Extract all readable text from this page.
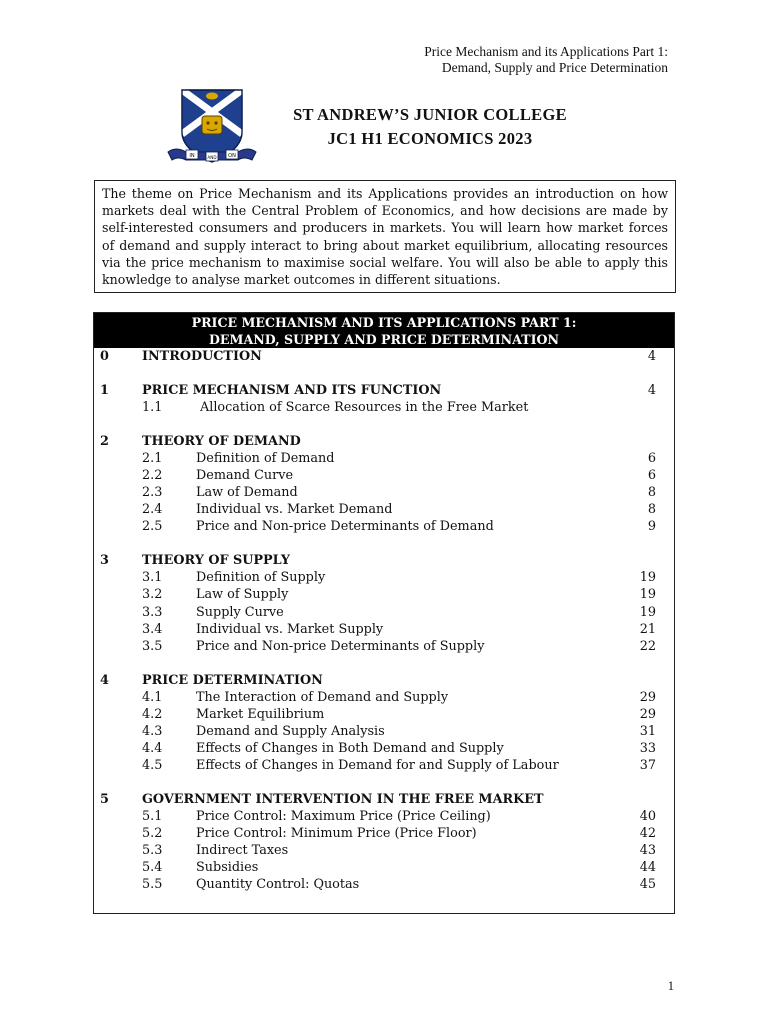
Price Mechanism and its Applications Part 1:
Demand, Supply and Price Determination
IN	AND ON
ST ANDREW’S JUNIOR COLLEGE
JC1 H1 ECONOMICS 2023
The theme on Price Mechanism and its Applications provides an introduction on how markets deal with the Central Problem of Economics, and how decisions are made by self-interested consumers and producers in markets. You will learn how market forces of demand and supply interact to bring about market equilibrium, allocating resources via the price mechanism to maximise social welfare. You will also be able to apply this knowledge to analyse market outcomes in different situations.
PRICE MECHANISM AND ITS APPLICATIONS PART 1:
DEMAND, SUPPLY AND PRICE DETERMINATION
0	INTRODUCTION	4
1	PRICE MECHANISM AND ITS FUNCTION	4
1.1	Allocation of Scarce Resources in the Free Market
2	THEORY OF DEMAND
2.1	Definition of Demand	6
2.2	Demand Curve	6
2.3	Law of Demand	8
2.4	Individual vs. Market Demand	8
2.5	Price and Non-price Determinants of Demand	9
3	THEORY OF SUPPLY
3.1	Definition of Supply	19
3.2	Law of Supply	19
3.3	Supply Curve	19
3.4	Individual vs. Market Supply	21
3.5	Price and Non-price Determinants of Supply	22
4	PRICE DETERMINATION
4.1	The Interaction of Demand and Supply	29
4.2	Market Equilibrium	29
4.3	Demand and Supply Analysis	31
4.4	Effects of Changes in Both Demand and Supply	33
4.5	Effects of Changes in Demand for and Supply of Labour	37
5	GOVERNMENT INTERVENTION IN THE FREE MARKET
5.1	Price Control: Maximum Price (Price Ceiling)	40
5.2	Price Control: Minimum Price (Price Floor)	42
5.3	Indirect Taxes	43
5.4	Subsidies	44
5.5	Quantity Control: Quotas	45
1
